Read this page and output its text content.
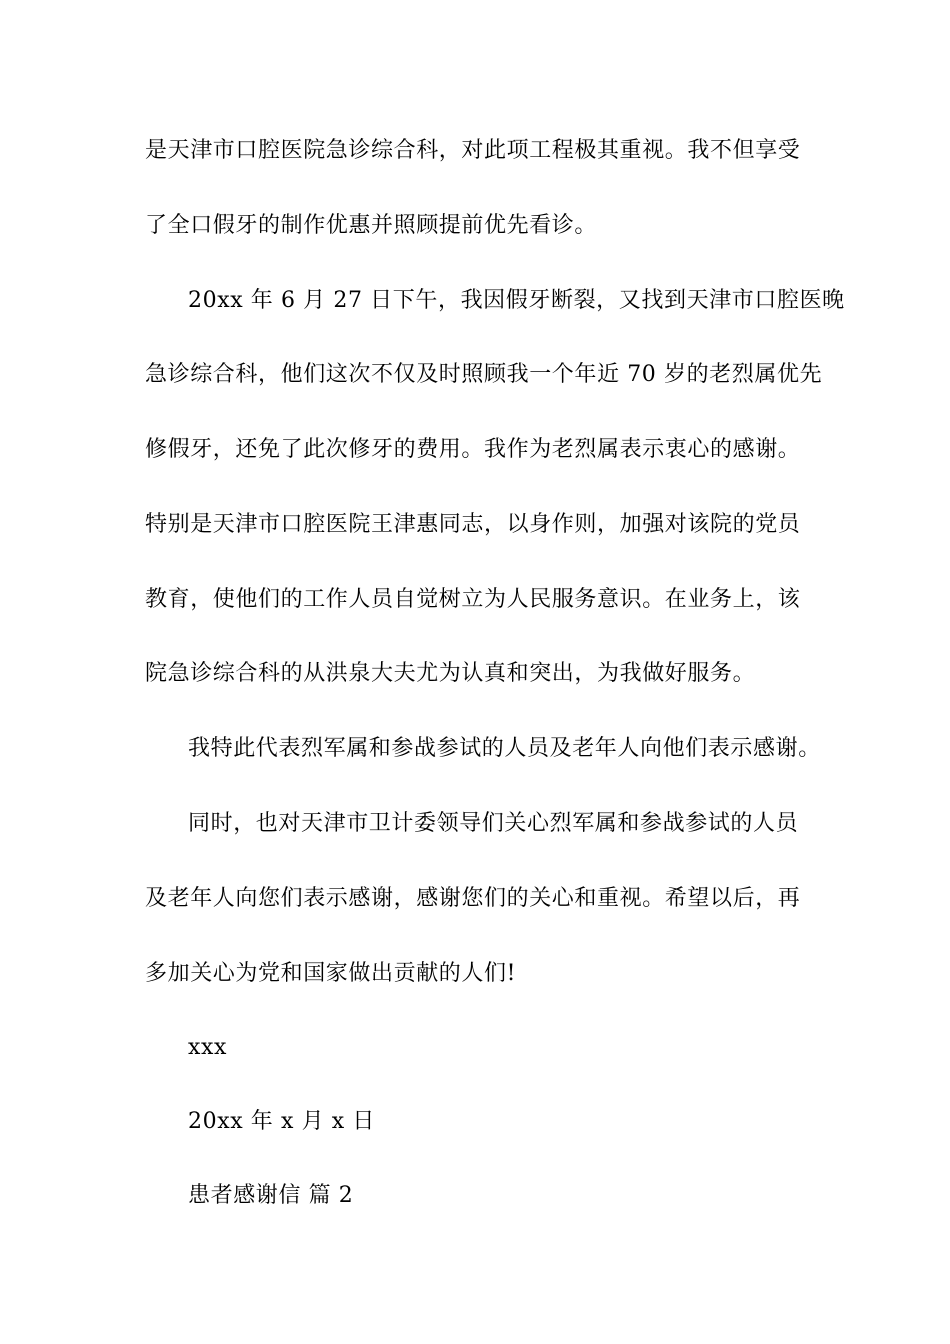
是天津市口腔医院急诊综合科，对此项工程极其重视。我不但享受
了全口假牙的制作优惠并照顾提前优先看诊。
20xx 年 6 月 27 日下午，我因假牙断裂，又找到天津市口腔医晚
急诊综合科，他们这次不仅及时照顾我一个年近 70 岁的老烈属优先
修假牙，还免了此次修牙的费用。我作为老烈属表示衷心的感谢。
特别是天津市口腔医院王津惠同志，以身作则，加强对该院的党员
教育，使他们的工作人员自觉树立为人民服务意识。在业务上，该
院急诊综合科的从洪泉大夫尤为认真和突出，为我做好服务。
我特此代表烈军属和参战参试的人员及老年人向他们表示感谢。
同时，也对天津市卫计委领导们关心烈军属和参战参试的人员
及老年人向您们表示感谢，感谢您们的关心和重视。希望以后，再
多加关心为党和国家做出贡献的人们!
xxx
20xx 年 x 月 x 日
患者感谢信 篇 2
